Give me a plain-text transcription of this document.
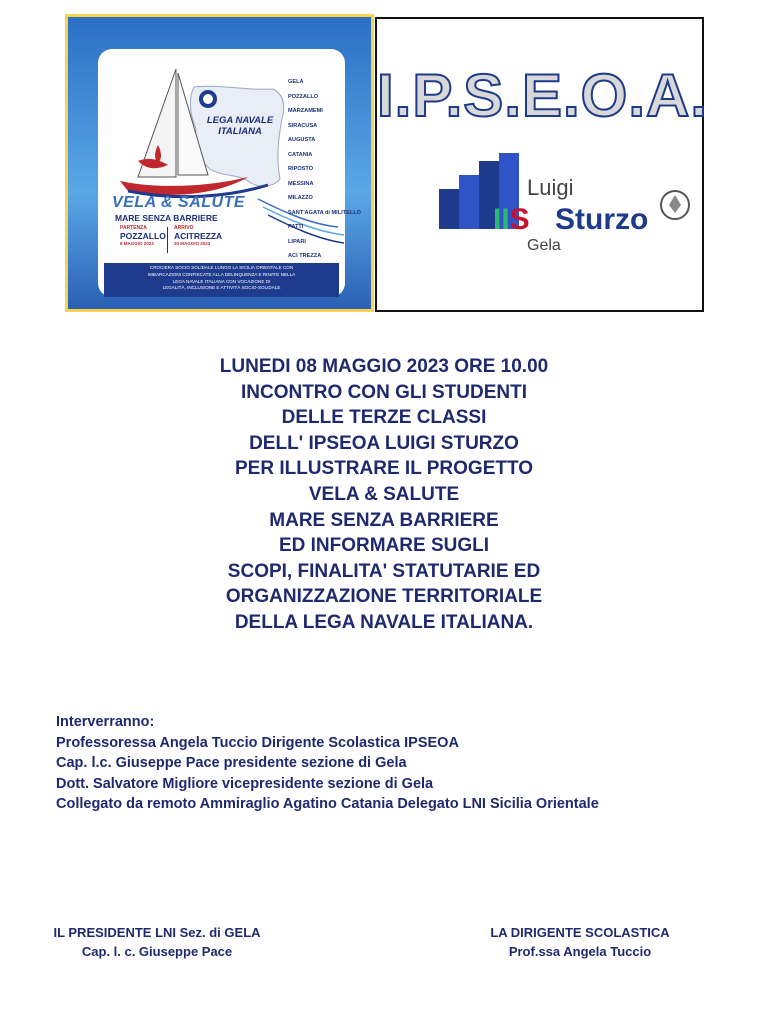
LEGA NAVALE ITALIANA
GELA
POZZALLO
MARZAMEMI
SIRACUSA
AUGUSTA
CATANIA
RIPOSTO
MESSINA
MILAZZO
SANT'AGATA di MILITELLO
PATTI
LIPARI
ACI TREZZA
VELA & SALUTE
MARE SENZA BARRIERE
PARTENZA
POZZALLO
8 MAGGIO 2023
ARRIVO
ACITREZZA
30 MAGGIO 2023
CROCIERA SOCIO SOLIDALE LUNGO LA SICILIA ORIENTALE CON
IMBARCAZIONI CONFISCATE ALLA DELINQUENZA E RINATE NELLA
LEGA NAVALE ITALIANA CON VOCAZIONE DI
LEGALITÀ, INCLUSIONE E ATTIVITÀ SOCIO-SOLIDALE
I.P.S.E.O.A.
Luigi
IIS Sturzo
Gela
LUNEDI 08 MAGGIO 2023 ORE 10.00
INCONTRO CON GLI STUDENTI
DELLE TERZE CLASSI
DELL' IPSEOA LUIGI STURZO
PER ILLUSTRARE IL PROGETTO
VELA & SALUTE
MARE SENZA BARRIERE
ED INFORMARE SUGLI
SCOPI, FINALITA' STATUTARIE ED
ORGANIZZAZIONE TERRITORIALE
DELLA LEGA NAVALE ITALIANA.
Interverranno:
Professoressa Angela Tuccio Dirigente Scolastica IPSEOA
Cap. l.c. Giuseppe Pace presidente sezione di Gela
Dott. Salvatore Migliore vicepresidente sezione di Gela
Collegato da remoto Ammiraglio Agatino Catania Delegato LNI Sicilia Orientale
IL PRESIDENTE LNI Sez. di GELA
Cap. l. c. Giuseppe Pace
LA DIRIGENTE SCOLASTICA
Prof.ssa Angela Tuccio
